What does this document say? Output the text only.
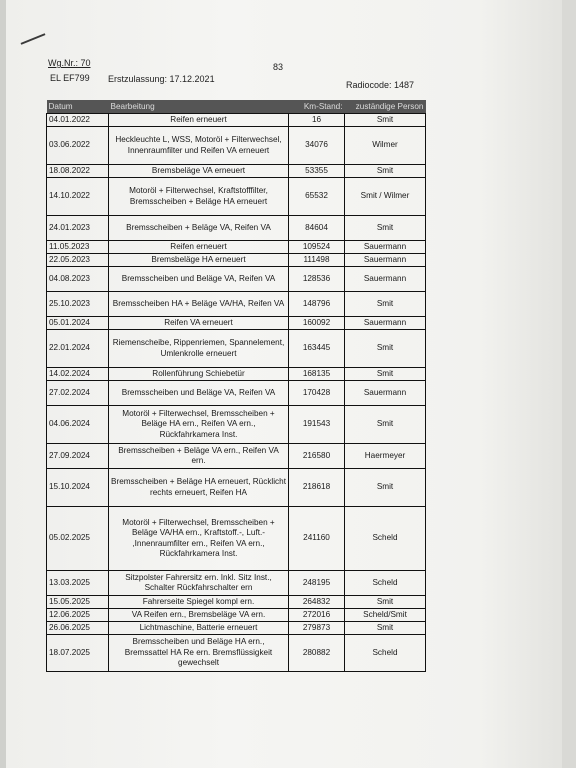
Wg.Nr.: 70
EL EF799 Erstzulassung: 17.12.2021
83
Radiocode: 1487
Datum	Bearbeitung	Km-Stand:	zuständige Person
04.01.2022	Reifen erneuert	16	Smit
03.06.2022	Heckleuchte L, WSS, Motoröl + Filterwechsel, Innenraumfilter und Reifen VA erneuert	34076	Wilmer
18.08.2022	Bremsbeläge VA erneuert	53355	Smit
14.10.2022	Motoröl + Filterwechsel, Kraftstofffilter, Bremsscheiben + Beläge HA erneuert	65532	Smit / Wilmer
24.01.2023	Bremsscheiben + Beläge VA, Reifen VA	84604	Smit
11.05.2023	Reifen erneuert	109524	Sauermann
22.05.2023	Bremsbeläge HA erneuert	111498	Sauermann
04.08.2023	Bremsscheiben und Beläge VA, Reifen VA	128536	Sauermann
25.10.2023	Bremsscheiben HA + Beläge VA/HA, Reifen VA	148796	Smit
05.01.2024	Reifen VA erneuert	160092	Sauermann
22.01.2024	Riemenscheibe, Rippenriemen, Spannelement, Umlenkrolle erneuert	163445	Smit
14.02.2024	Rollenführung Schiebetür	168135	Smit
27.02.2024	Bremsscheiben und Beläge VA, Reifen VA	170428	Sauermann
04.06.2024	Motoröl + Filterwechsel, Bremsscheiben + Beläge HA ern., Reifen VA ern., Rückfahrkamera Inst.	191543	Smit
27.09.2024	Bremsscheiben + Beläge VA ern., Reifen VA ern.	216580	Haermeyer
15.10.2024	Bremsscheiben + Beläge HA erneuert, Rücklicht rechts erneuert, Reifen HA	218618	Smit
05.02.2025	Motoröl + Filterwechsel, Bremsscheiben + Beläge VA/HA ern., Kraftstoff.-, Luft.- ,Innenraumfilter ern., Reifen VA ern., Rückfahrkamera Inst.	241160	Scheld
13.03.2025	Sitzpolster Fahrersitz ern. Inkl. Sitz Inst., Schalter Rückfahrschalter ern	248195	Scheld
15.05.2025	Fahrerseite Spiegel kompl ern.	264832	Smit
12.06.2025	VA Reifen ern., Bremsbeläge VA ern.	272016	Scheld/Smit
26.06.2025	Lichtmaschine, Batterie erneuert	279873	Smit
18.07.2025	Bremsscheiben und Beläge HA ern., Bremssattel HA Re ern. Bremsflüssigkeit gewechselt	280882	Scheld
